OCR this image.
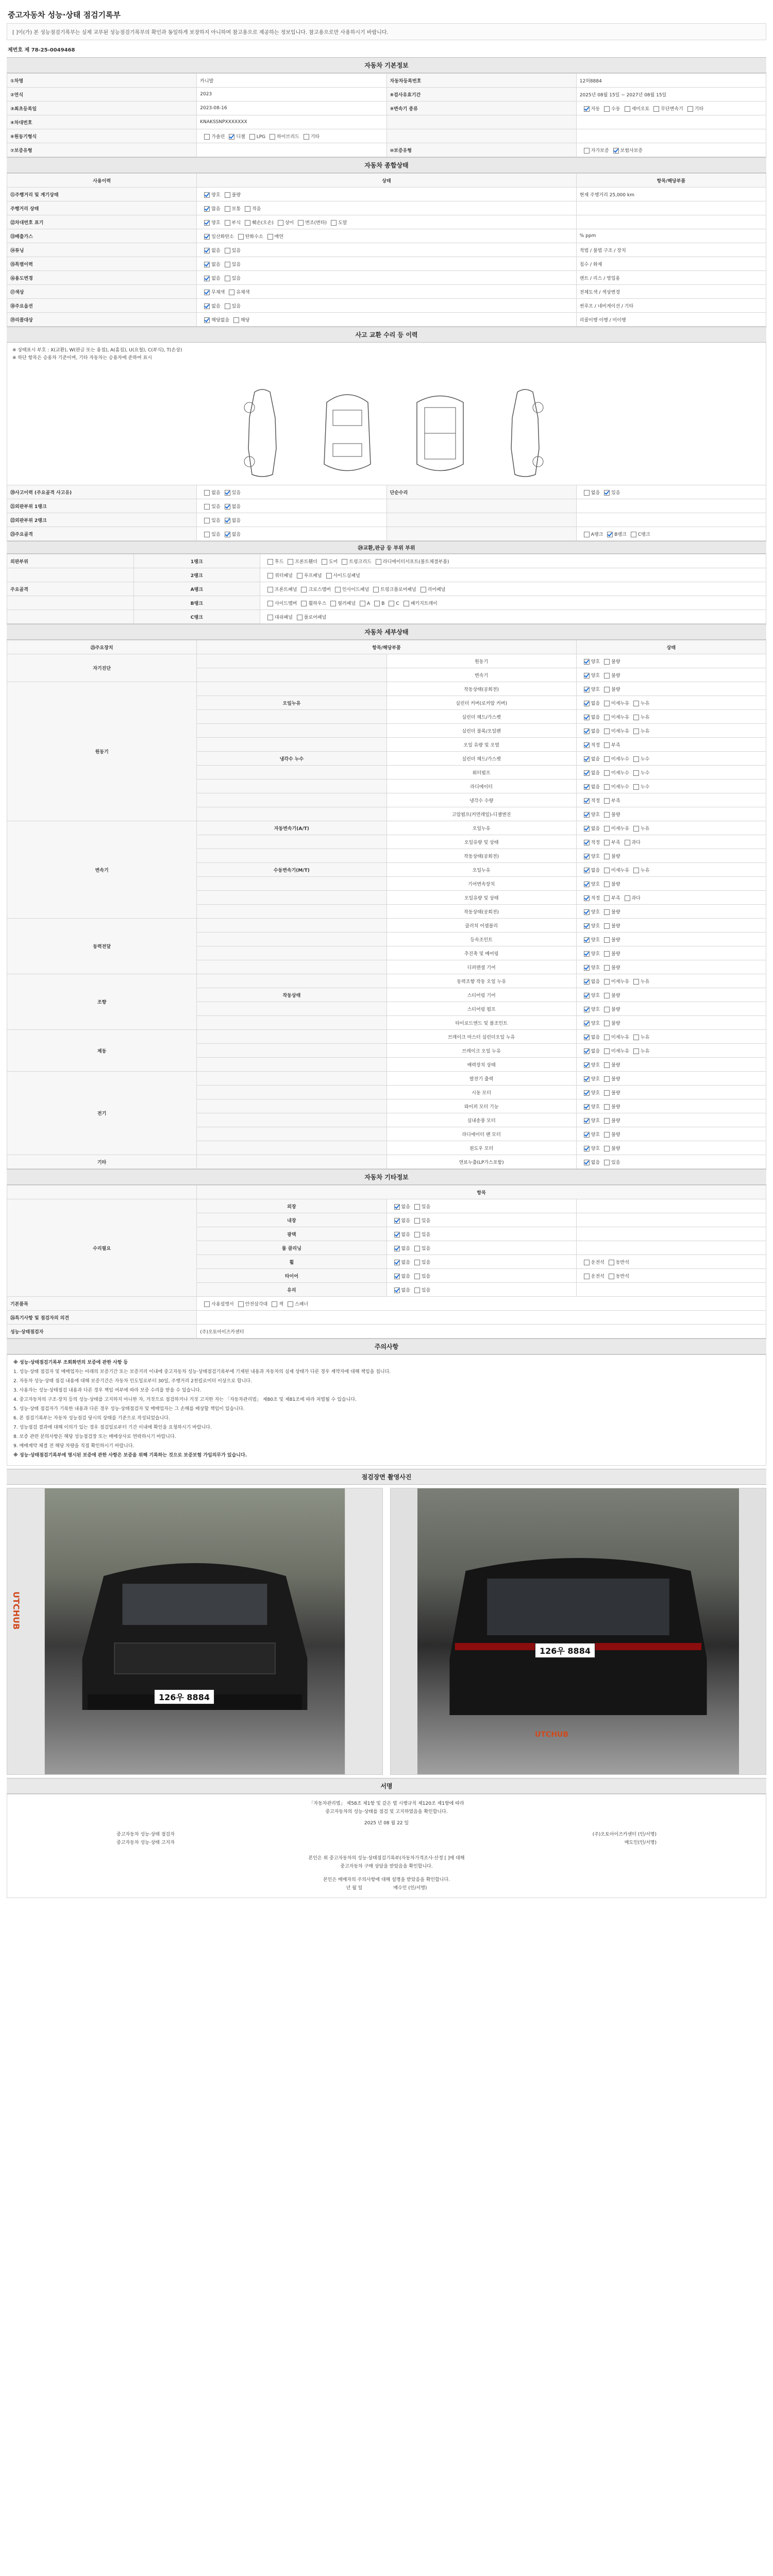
중고자동차 성능·상태 점검기록부
[ ]이(가) 본 성능점검기록부는 실제 교부된 성능점검기록부의 확인과 동일하게 보장하지 아니하며 참고용으로 제공하는 정보입니다. 참고용으로만 사용하시기 바랍니다.
제번호 제 78-25-0049468
자동차 기본정보
①차명	카니발	자동차등록번호	12허8884
②연식	2023	⑧검사유효기간	2025년 08월 15일 ~ 2027년 08월 15일
③최초등록일	2023-08-16	⑨변속기 종류	자동 수동 세미오토 무단변속기 기타
④차대번호	KNAKSSNPXXXXXXX		
⑥원동기형식	가솔린 디젤 LPG 하이브리드 기타		
⑦보증유형		⑩보증유형	자가보증 보험사보증
자동차 종합상태
사용이력	상태	항목/해당부품
⑪주행거리 및 계기상태	양호 불량	현재 주행거리 25,000 km
주행거리 상태	많음 보통 적음	
⑫차대번호 표기	양호 부식 훼손(오손) 상이 변조(변타) 도말	
⑬배출가스	일산화탄소 탄화수소 매연	% ppm
⑭튜닝	없음 있음	적법 / 불법 구조 / 장치
⑮특별이력	없음 있음	침수 / 화재
⑯용도변경	없음 있음	렌트 / 리스 / 영업용
⑰색상	무채색 유채색	전체도색 / 색상변경
⑱주요옵션	없음 있음	썬루프 / 네비게이션 / 기타
⑲리콜대상	해당없음 해당	리콜이행 이행 / 미이행
사고 교환 수리 등 이력
※ 상태표시 부호 : X(교환), W(판금 또는 용접), A(흠집), U(요철), C(부식), T(손상)
※ 하단 항목은 승용차 기준이며, 기타 자동차는 승용차에 준하여 표시
⑳사고이력 (주요골격 사고유)	없음 있음	단순수리	없음 있음
㉑외판부위 1랭크	있음 없음		
㉒외판부위 2랭크	있음 없음		
㉓주요골격	있음 없음		A랭크 B랭크 C랭크
㉔교환,판금 등 부위 부위
외판부위	1랭크	후드 프론트휀더 도어 트렁크리드 라디에이터서포트(볼트체결부품)
	2랭크	쿼터패널 루프패널 사이드실패널
주요골격	A랭크	프론트패널 크로스멤버 인사이드패널 트렁크플로어패널 리어패널
	B랭크	사이드멤버 휠하우스 필러패널 A B C 패키지트레이
	C랭크	대쉬패널 플로어패널
자동차 세부상태
㉕주요장치	항목/해당부품		상태
자기진단		원동기	양호 불량
		변속기	양호 불량
원동기		작동상태(공회전)	양호 불량
	오일누유	실린더 커버(로커암 커버)	없음 미세누유 누유
		실린더 헤드/가스켓	없음 미세누유 누유
		실린더 블록/오일팬	없음 미세누유 누유
		오일 유량 및 오염	적정 부족
	냉각수 누수	실린더 헤드/가스켓	없음 미세누수 누수
		워터펌프	없음 미세누수 누수
		라디에이터	없음 미세누수 누수
		냉각수 수량	적정 부족
		고압펌프(커먼레일)-디젤엔진	양호 불량
변속기	자동변속기(A/T)	오일누유	없음 미세누유 누유
		오일유량 및 상태	적정 부족 과다
		작동상태(공회전)	양호 불량
	수동변속기(M/T)	오일누유	없음 미세누유 누유
		기어변속장치	양호 불량
		오일유량 및 상태	적정 부족 과다
		작동상태(공회전)	양호 불량
동력전달		클러치 어셈블리	양호 불량
		등속조인트	양호 불량
		추진축 및 베어링	양호 불량
		디퍼렌셜 기어	양호 불량
조향		동력조향 작동 오일 누유	없음 미세누유 누유
	작동상태	스티어링 기어	양호 불량
		스티어링 펌프	양호 불량
		타이로드엔드 및 볼조인트	양호 불량
제동		브레이크 마스터 실린더오일 누유	없음 미세누유 누유
		브레이크 오일 누유	없음 미세누유 누유
		배력장치 상태	양호 불량
전기		발전기 출력	양호 불량
		시동 모터	양호 불량
		와이퍼 모터 기능	양호 불량
		실내송풍 모터	양호 불량
		라디에이터 팬 모터	양호 불량
		윈도우 모터	양호 불량
기타		연료누출(LP가스포함)	없음 있음
자동차 기타정보
	항목		
수리필요	외장	없음 있음	
	내장	없음 있음	
	광택	없음 있음	
	룸 클리닝	없음 있음	
	휠	없음 있음	운전석 동반석
	타이어	없음 있음	운전석 동반석
	유리	없음 있음	
기본품목	사용설명서 안전삼각대 잭 스패너		
㉖특기사항 및 점검자의 의견			
성능·상태점검자	(주)오토아이즈카센터		
주의사항

※ 성능·상태점검기록부 조회화면의 보증에 관한 사항 등

1. 성능·상태 점검자 및 매매업자는 아래의 보증기간 또는 보증거리 이내에 중고자동차 성능·상태점검기록부에 기재된 내용과 자동차의 실제 상태가 다른 경우 계약자에 대해 책임을 집니다.

2. 자동차 성능·상태 점검 내용에 대해 보증기간은 자동차 인도일로부터 30일, 주행거리 2천킬로미터 이상으로 합니다.

3. 사용자는 성능·상태점검 내용과 다른 경우 책임 여부에 따라 보증 수리를 받을 수 있습니다.

4. 중고자동차의 구조·장치 등의 성능·상태를 고지하지 아니한 자, 거짓으로 점검하거나 거짓 고지한 자는 「자동차관리법」 제80조 및 제81조에 따라 처벌될 수 있습니다.

5. 성능·상태 점검자가 기록한 내용과 다른 경우 성능·상태점검자 및 매매업자는 그 손해를 배상할 책임이 있습니다.

6. 본 점검기록부는 자동차 성능점검 당시의 상태를 기준으로 작성되었습니다.

7. 성능점검 결과에 대해 이의가 있는 경우 점검일로부터 기간 이내에 확인을 요청하시기 바랍니다.

8. 보증 관련 문의사항은 해당 성능점검장 또는 매매상사로 연락하시기 바랍니다.

9. 매매계약 체결 전 해당 차량을 직접 확인하시기 바랍니다.

※ 성능·상태점검기록부에 명시된 보증에 관한 사항은 보증을 위해 기록하는 것으로 보증보험 가입의무가 있습니다.

점검장면 촬영사진
126우 8884
UTCHUB
126우 8884
UTCHUB
서명
「자동차관리법」 제58조 제1항 및 같은 법 시행규칙 제120조 제1항에 따라
중고자동차의 성능·상태를 점검 및 고지하였음을 확인합니다.
2025 년 08 월 22 일
중고자동차 성능·상태 점검자	(주)오토아이즈카센터 (인/서명)
중고자동차 성능·상태 고지자	매도인(인/서명)
본인은 위 중고자동차의 성능·상태점검기록부(자동차가격조사·산정 [ ]에 대해
중고자동차 구매 상담을 받았음을 확인합니다.
본인은 매매자의 주의사항에 대해 설명을 받았음을 확인합니다.
년 월 일	매수인 (인/서명)
